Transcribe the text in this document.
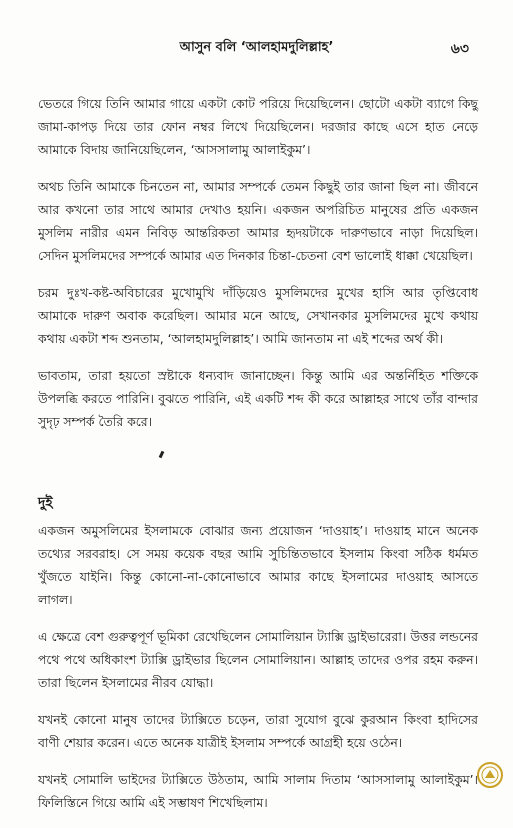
আসুন বলি ‘আলহামদুলিল্লাহ’	৬৩

ভেতরে গিয়ে তিনি আমার গায়ে একটা কোট পরিয়ে দিয়েছিলেন। ছোটো একটা ব্যাগে কিছু জামা-কাপড় দিয়ে তার ফোন নম্বর লিখে দিয়েছিলেন। দরজার কাছে এসে হাত নেড়ে আমাকে বিদায় জানিয়েছিলেন, ‘আসসালামু আলাইকুম’।

অথচ তিনি আমাকে চিনতেন না, আমার সম্পর্কে তেমন কিছুই তার জানা ছিল না। জীবনে আর কখনো তার সাথে আমার দেখাও হয়নি। একজন অপরিচিত মানুষের প্রতি একজন মুসলিম নারীর এমন নিবিড় আন্তরিকতা আমার হৃদয়টাকে দারুণভাবে নাড়া দিয়েছিল। সেদিন মুসলিমদের সম্পর্কে আমার এত দিনকার চিন্তা-চেতনা বেশ ভালোই ধাক্কা খেয়েছিল।

চরম দুঃখ-কষ্ট-অবিচারের মুখোমুখি দাঁড়িয়েও মুসলিমদের মুখের হাসি আর তৃপ্তিবোধ আমাকে দারুণ অবাক করেছিল। আমার মনে আছে, সেখানকার মুসলিমদের মুখে কথায় কথায় একটা শব্দ শুনতাম, ‘আলহামদুলিল্লাহ’। আমি জানতাম না এই শব্দের অর্থ কী।

ভাবতাম, তারা হয়তো স্রষ্টাকে ধন্যবাদ জানাচ্ছেন। কিন্তু আমি এর অন্তর্নিহিত শক্তিকে উপলব্ধি করতে পারিনি। বুঝতে পারিনি, এই একটি শব্দ কী করে আল্লাহর সাথে তাঁর বান্দার সুদৃঢ় সম্পর্ক তৈরি করে।

দুই

একজন অমুসলিমের ইসলামকে বোঝার জন্য প্রয়োজন ‘দাওয়াহ’। দাওয়াহ মানে অনেক তথ্যের সরবরাহ। সে সময় কয়েক বছর আমি সুচিন্তিতভাবে ইসলাম কিংবা সঠিক ধর্মমত খুঁজতে যাইনি। কিন্তু কোনো-না-কোনোভাবে আমার কাছে ইসলামের দাওয়াহ আসতে লাগল।

এ ক্ষেত্রে বেশ গুরুত্বপূর্ণ ভূমিকা রেখেছিলেন সোমালিয়ান ট্যাক্সি ড্রাইভারেরা। উত্তর লন্ডনের পথে পথে অধিকাংশ ট্যাক্সি ড্রাইভার ছিলেন সোমালিয়ান। আল্লাহ তাদের ওপর রহম করুন। তারা ছিলেন ইসলামের নীরব যোদ্ধা।

যখনই কোনো মানুষ তাদের ট্যাক্সিতে চড়েন, তারা সুযোগ বুঝে কুরআন কিংবা হাদিসের বাণী শেয়ার করেন। এতে অনেক যাত্রীই ইসলাম সম্পর্কে আগ্রহী হয়ে ওঠেন।

যখনই সোমালি ভাইদের ট্যাক্সিতে উঠতাম, আমি সালাম দিতাম ‘আসসালামু আলাইকুম’। ফিলিস্তিনে গিয়ে আমি এই সম্ভাষণ শিখেছিলাম।
